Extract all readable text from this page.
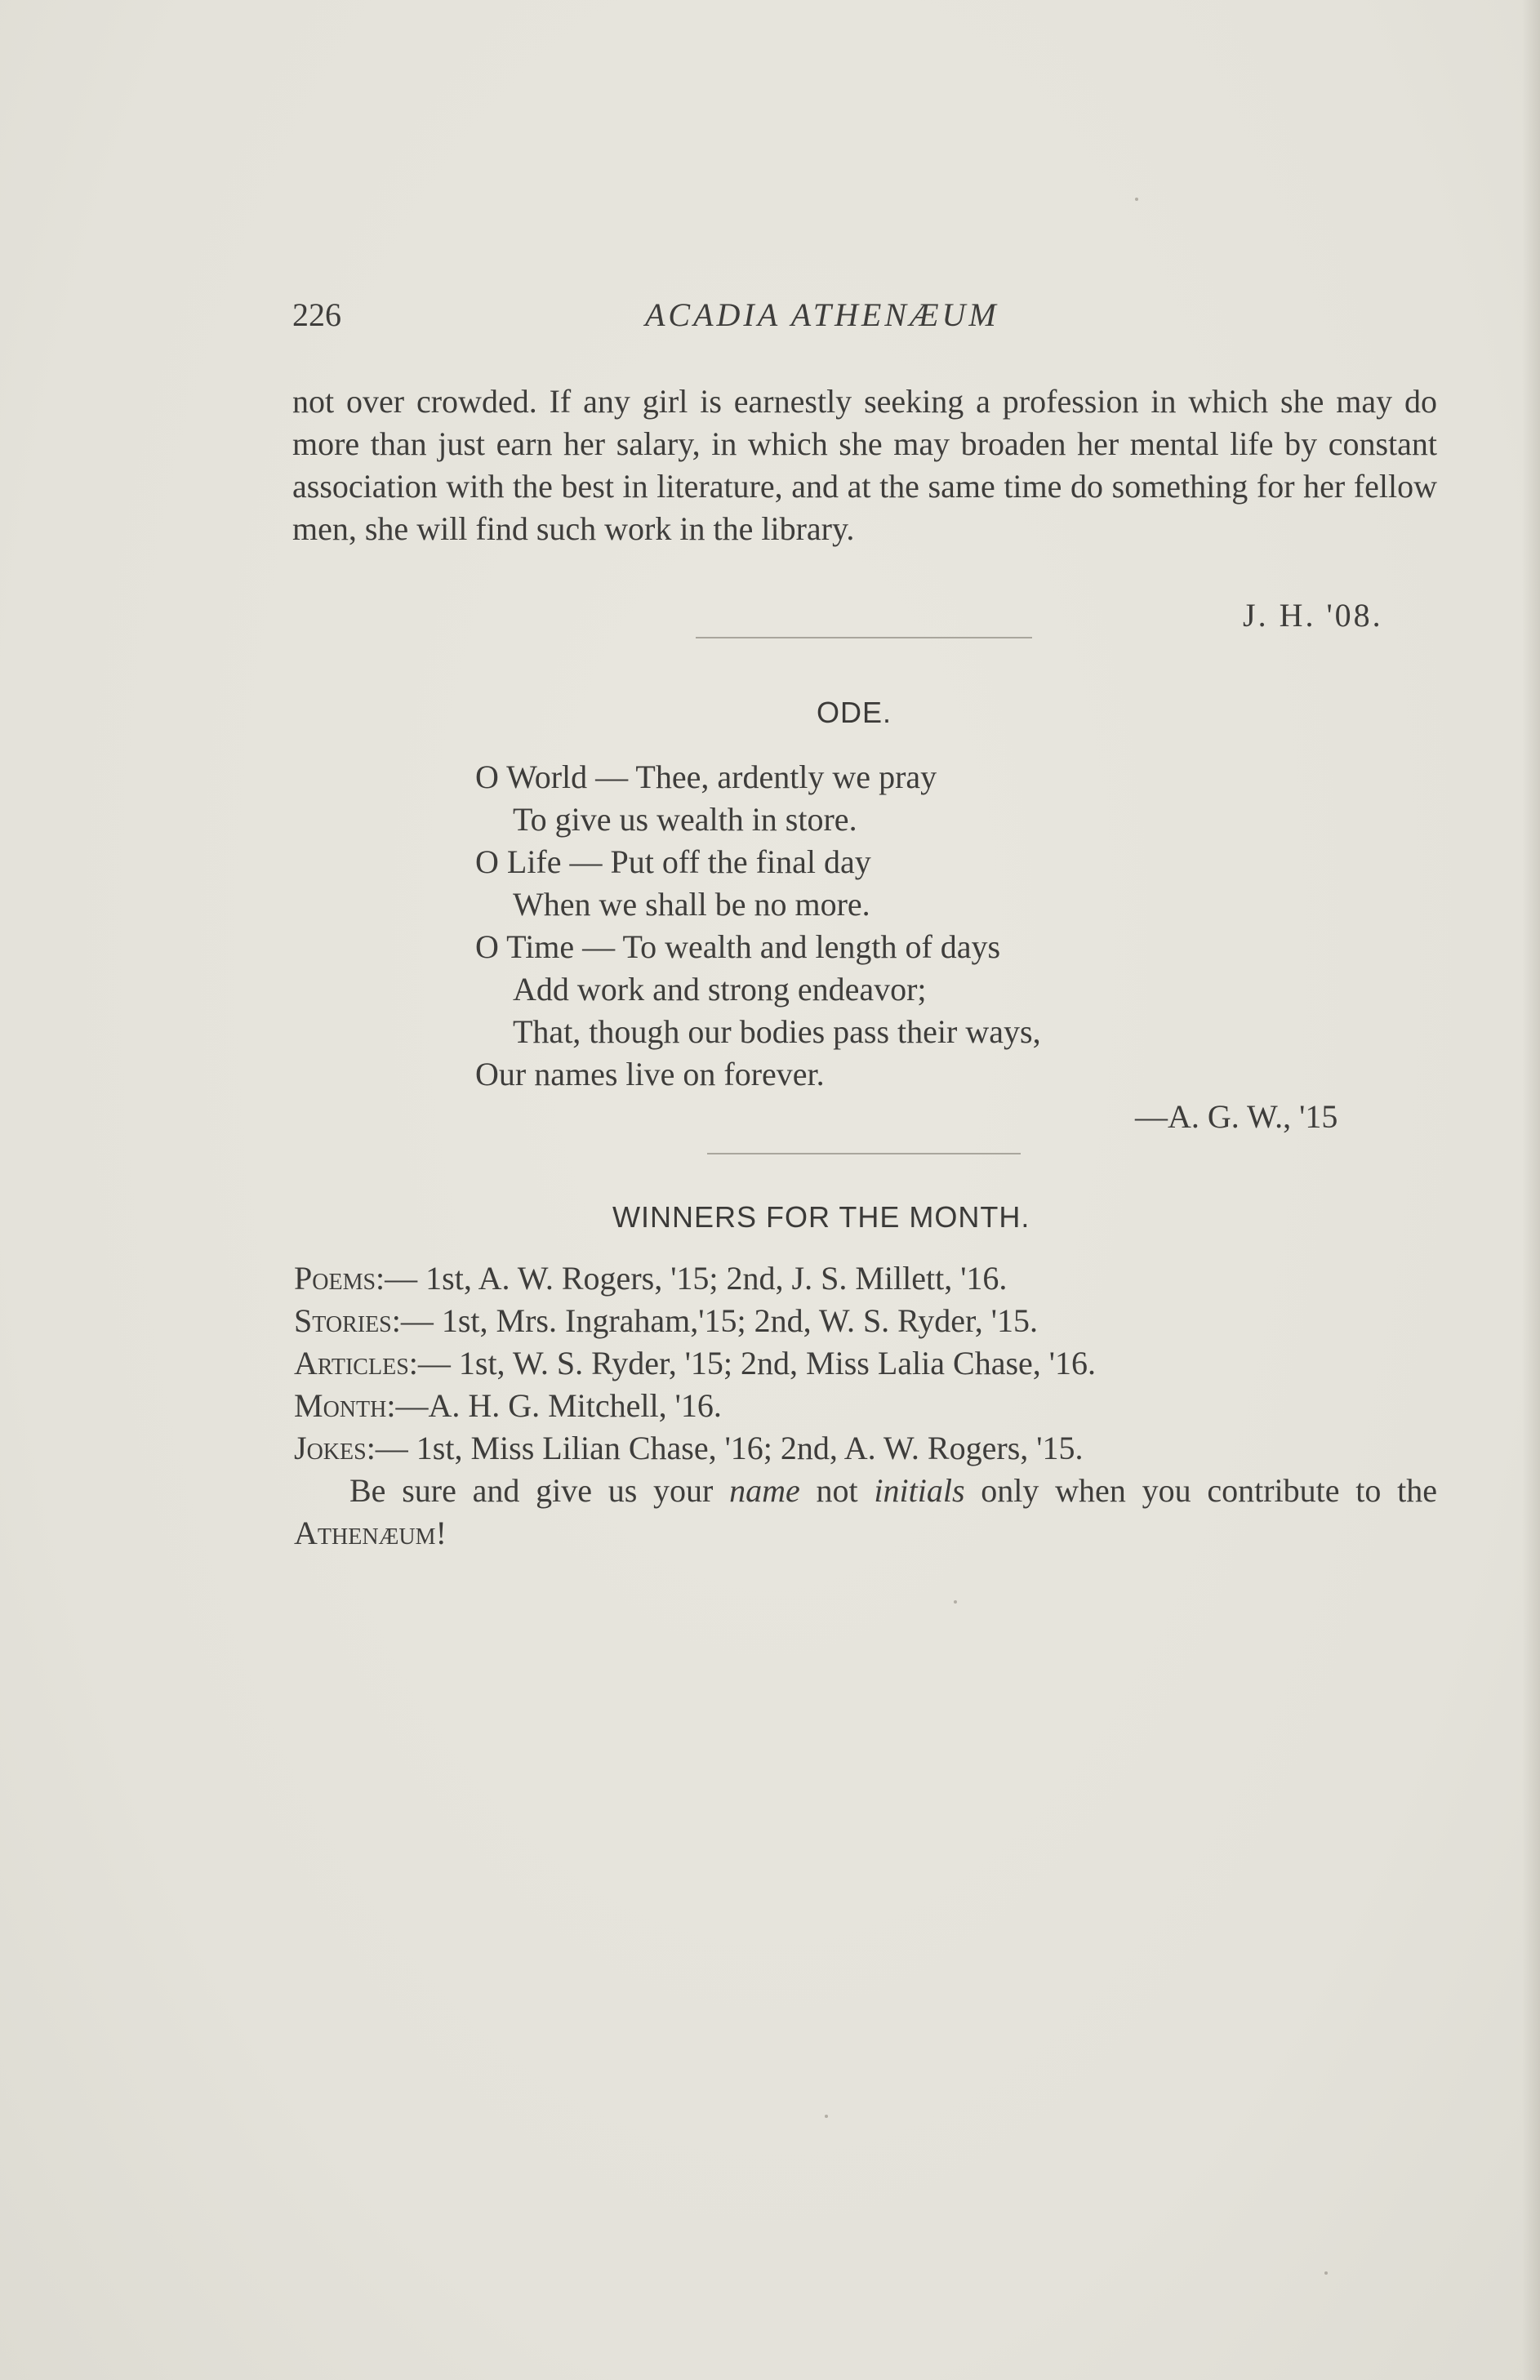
226	ACADIA ATHENÆUM

not over crowded. If any girl is earnestly seeking a profession in which she may do more than just earn her salary, in which she may broaden her mental life by constant association with the best in literature, and at the same time do something for her fellow men, she will find such work in the library.

J. H. '08.
ODE.
O World — Thee, ardently we pray
To give us wealth in store.
O Life — Put off the final day
When we shall be no more.
O Time — To wealth and length of days
Add work and strong endeavor;
That, though our bodies pass their ways,
Our names live on forever.
—A. G. W., '15
WINNERS FOR THE MONTH.
Poems:— 1st, A. W. Rogers, '15; 2nd, J. S. Millett, '16.
Stories:— 1st, Mrs. Ingraham,'15; 2nd, W. S. Ryder, '15.
Articles:— 1st, W. S. Ryder, '15; 2nd, Miss Lalia Chase, '16.
Month:—A. H. G. Mitchell, '16.
Jokes:— 1st, Miss Lilian Chase, '16; 2nd, A. W. Rogers, '15.

Be sure and give us your name not initials only when you contribute to the Athenæum!
